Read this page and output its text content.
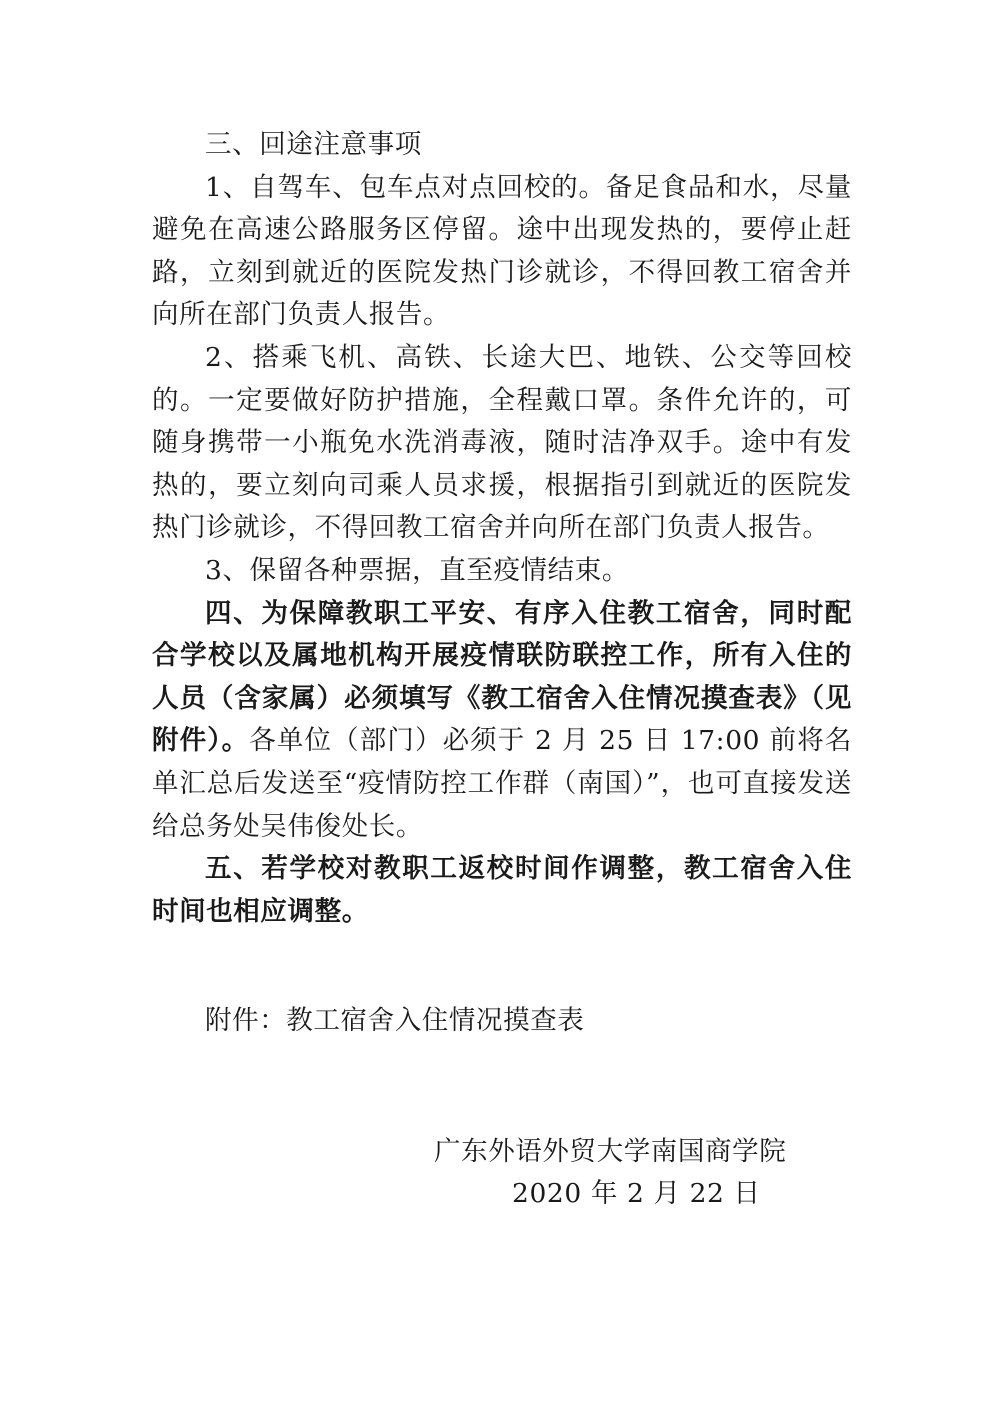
三、回途注意事项

1、自驾车、包车点对点回校的。备足食品和水，尽量避免在高速公路服务区停留。途中出现发热的，要停止赶路，立刻到就近的医院发热门诊就诊，不得回教工宿舍并向所在部门负责人报告。

2、搭乘飞机、高铁、长途大巴、地铁、公交等回校的。一定要做好防护措施，全程戴口罩。条件允许的，可随身携带一小瓶免水洗消毒液，随时洁净双手。途中有发热的，要立刻向司乘人员求援，根据指引到就近的医院发热门诊就诊，不得回教工宿舍并向所在部门负责人报告。

3、保留各种票据，直至疫情结束。

四、为保障教职工平安、有序入住教工宿舍，同时配合学校以及属地机构开展疫情联防联控工作，所有入住的人员（含家属）必须填写《教工宿舍入住情况摸查表》（见附件）。各单位（部门）必须于 2 月 25 日 17:00 前将名单汇总后发送至“疫情防控工作群（南国）”，也可直接发送给总务处吴伟俊处长。

五、若学校对教职工返校时间作调整，教工宿舍入住时间也相应调整。

附件：教工宿舍入住情况摸查表
广东外语外贸大学南国商学院
2020 年 2 月 22 日
